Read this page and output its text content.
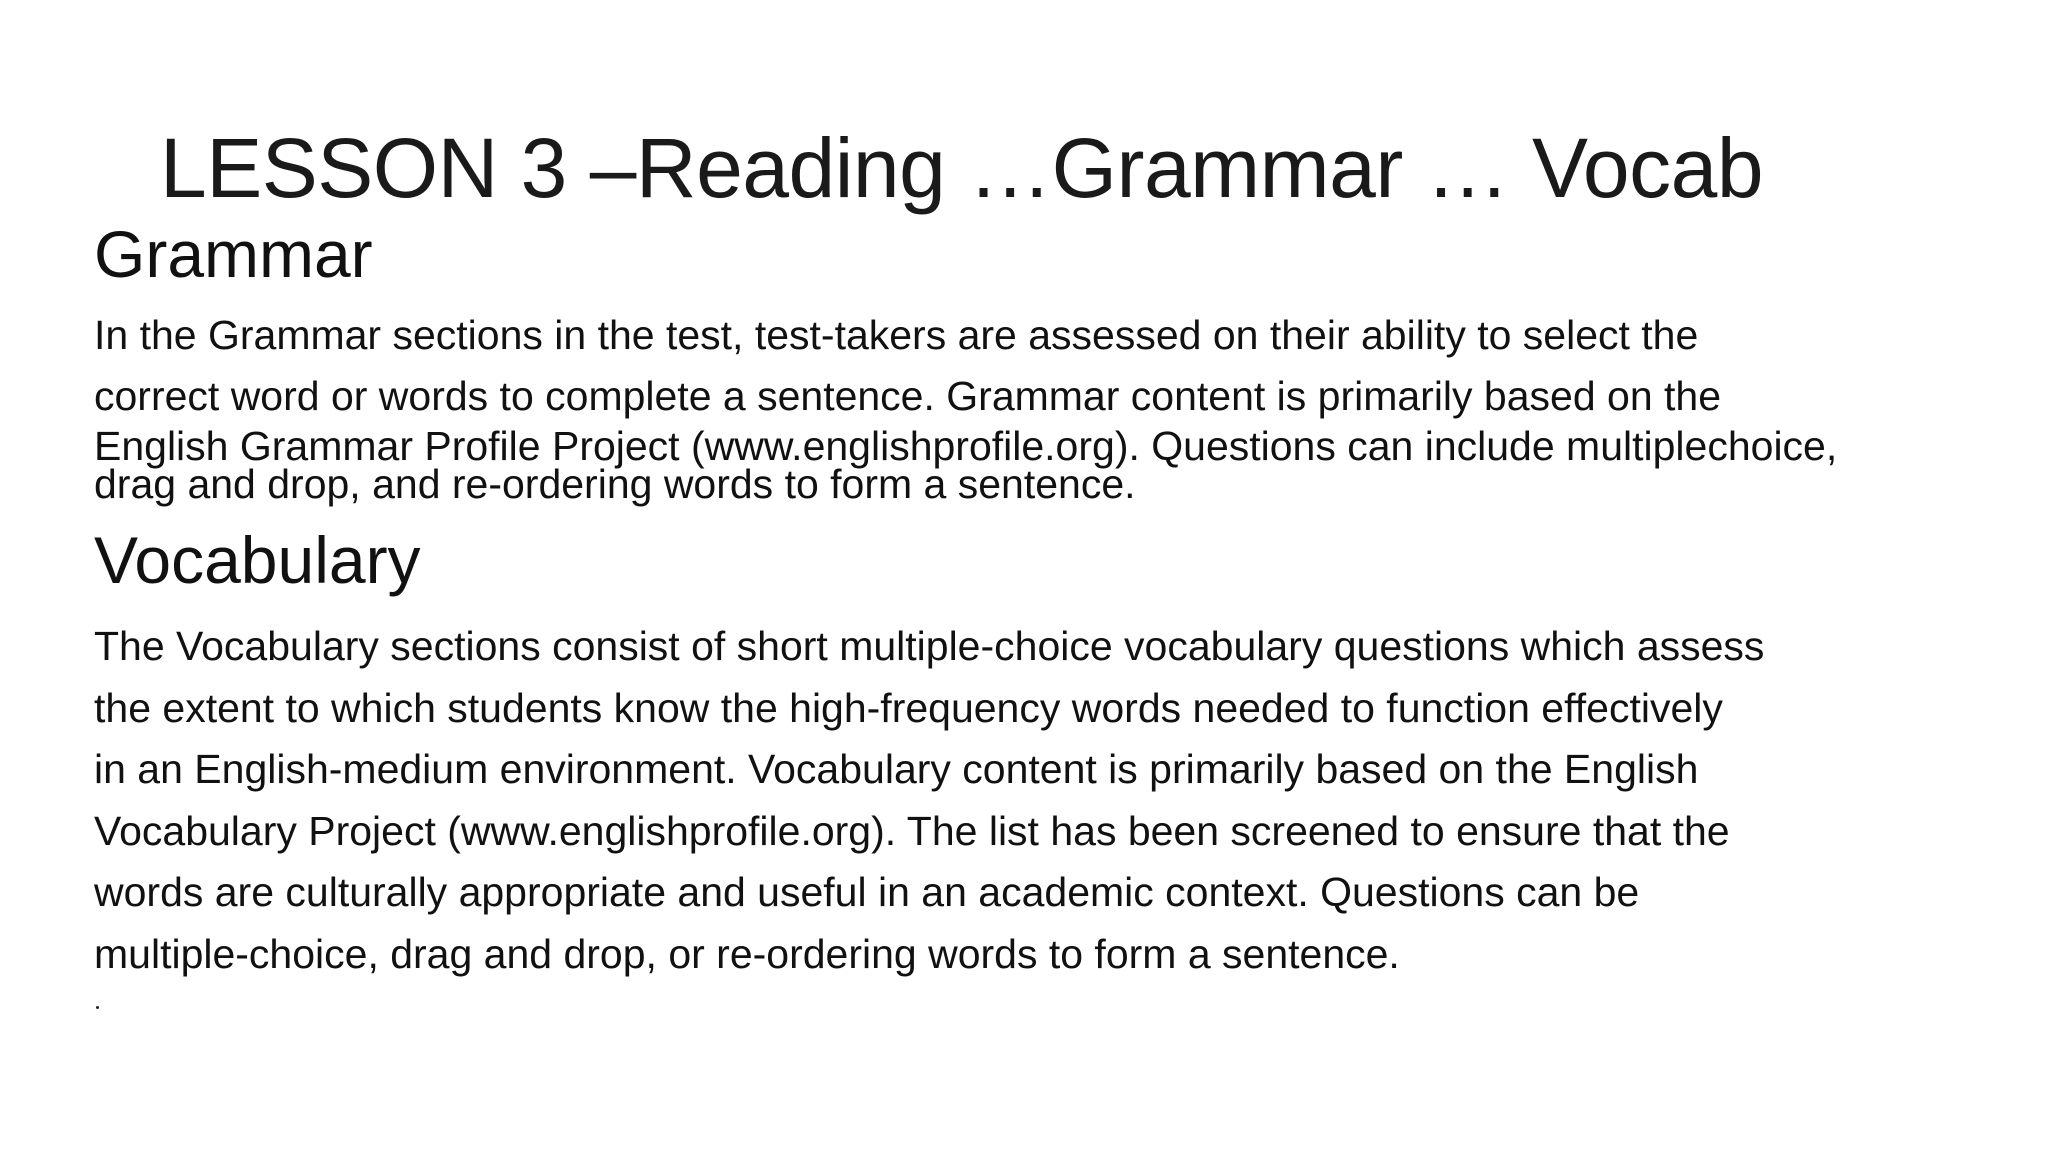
LESSON 3 –Reading …Grammar … Vocab
Grammar
In the Grammar sections in the test, test-takers are assessed on their ability to select the
correct word or words to complete a sentence. Grammar content is primarily based on the
English Grammar Profile Project (www.englishprofile.org). Questions can include multiplechoice,
drag and drop, and re-ordering words to form a sentence.
Vocabulary
The Vocabulary sections consist of short multiple-choice vocabulary questions which assess
the extent to which students know the high-frequency words needed to function effectively
in an English-medium environment. Vocabulary content is primarily based on the English
Vocabulary Project (www.englishprofile.org). The list has been screened to ensure that the
words are culturally appropriate and useful in an academic context. Questions can be
multiple-choice, drag and drop, or re-ordering words to form a sentence.
